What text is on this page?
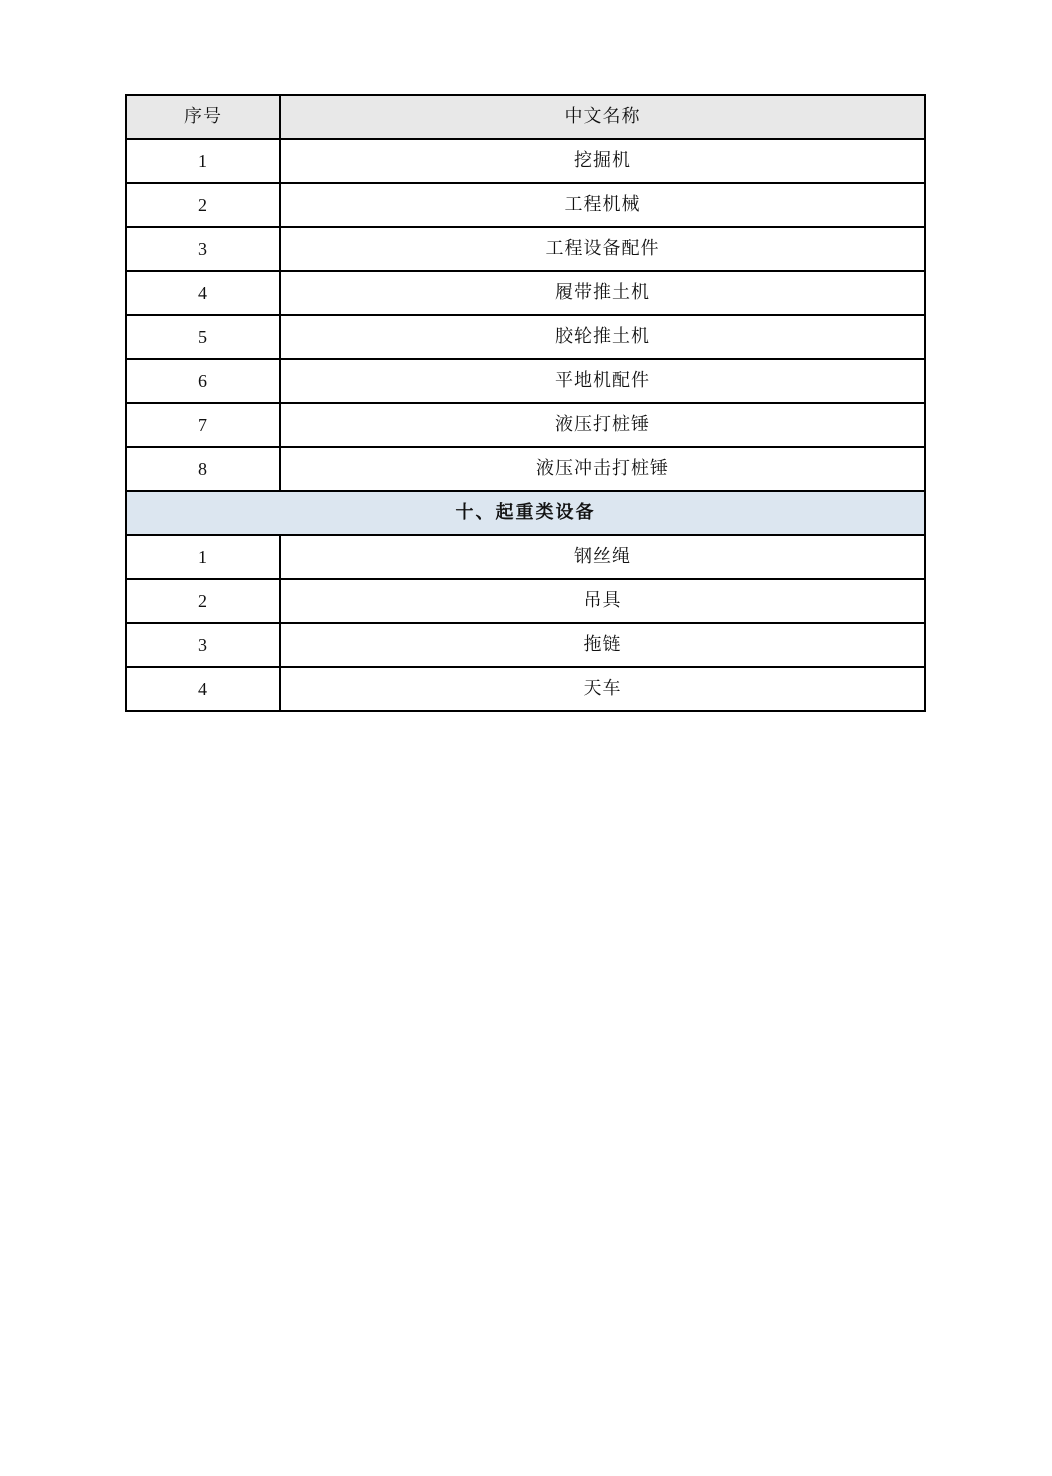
序号	中文名称
1	挖掘机
2	工程机械
3	工程设备配件
4	履带推土机
5	胶轮推土机
6	平地机配件
7	液压打桩锤
8	液压冲击打桩锤
十、起重类设备	
1	钢丝绳
2	吊具
3	拖链
4	天车
